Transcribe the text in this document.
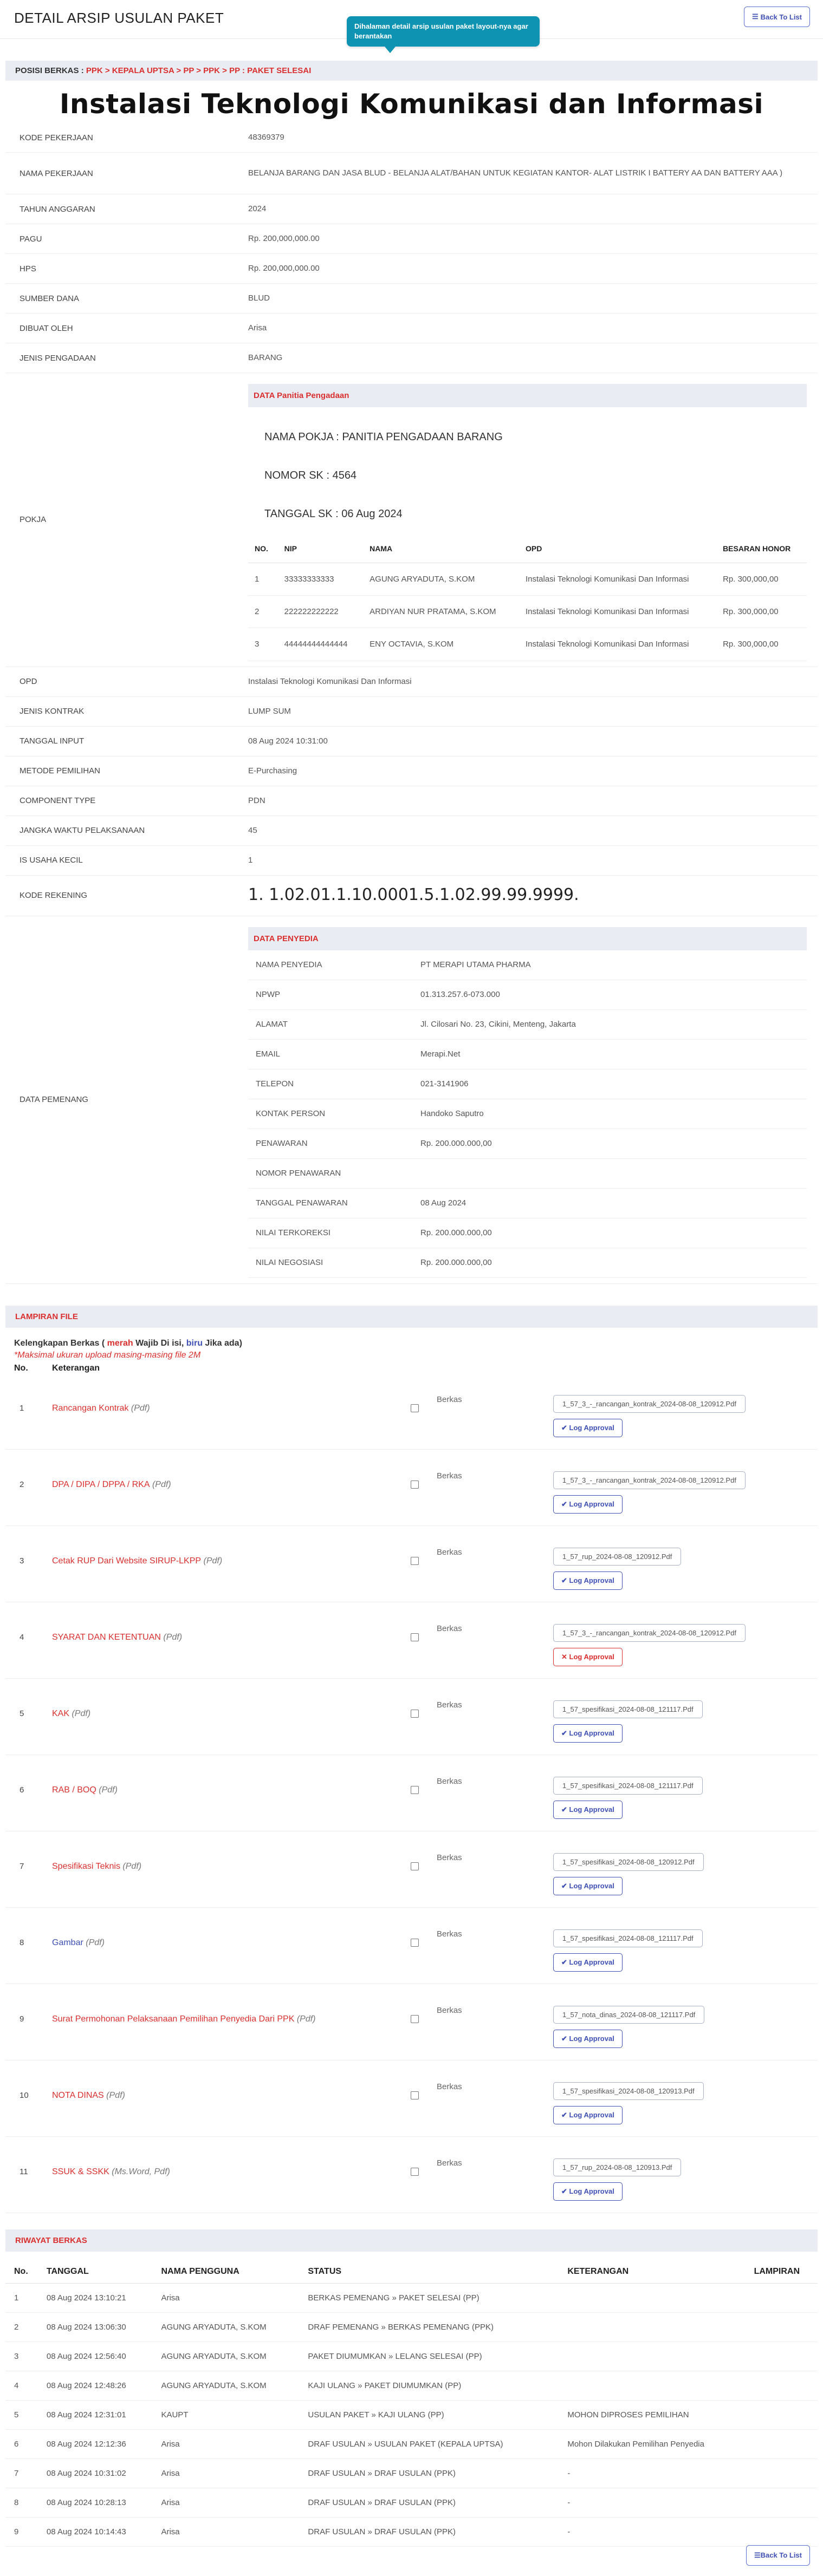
DETAIL ARSIP USULAN PAKET
Dihalaman detail arsip usulan paket layout-nya agar berantakan
☰ Back To List
POSISI BERKAS : PPK > KEPALA UPTSA > PP > PPK > PP : PAKET SELESAI
Instalasi Teknologi Komunikasi dan Informasi
KODE PEKERJAAN	48369379
NAMA PEKERJAAN	BELANJA BARANG DAN JASA BLUD - BELANJA ALAT/BAHAN UNTUK KEGIATAN KANTOR- ALAT LISTRIK I BATTERY AA DAN BATTERY AAA )
TAHUN ANGGARAN	2024
PAGU	Rp. 200,000,000.00
HPS	Rp. 200,000,000.00
SUMBER DANA	BLUD
DIBUAT OLEH	Arisa
JENIS PENGADAAN	BARANG
POKJA
DATA Panitia Pengadaan
NAMA POKJA : PANITIA PENGADAAN BARANG
NOMOR SK : 4564
TANGGAL SK : 06 Aug 2024
NO.	NIP	NAMA	OPD	BESARAN HONOR
1	33333333333	AGUNG ARYADUTA, S.KOM	Instalasi Teknologi Komunikasi Dan Informasi	Rp. 300,000,00
2	222222222222	ARDIYAN NUR PRATAMA, S.KOM	Instalasi Teknologi Komunikasi Dan Informasi	Rp. 300,000,00
3	44444444444444	ENY OCTAVIA, S.KOM	Instalasi Teknologi Komunikasi Dan Informasi	Rp. 300,000,00
OPD	Instalasi Teknologi Komunikasi Dan Informasi
JENIS KONTRAK	LUMP SUM
TANGGAL INPUT	08 Aug 2024 10:31:00
METODE PEMILIHAN	E-Purchasing
COMPONENT TYPE	PDN
JANGKA WAKTU PELAKSANAAN	45
IS USAHA KECIL	1
KODE REKENING	1. 1.02.01.1.10.0001.5.1.02.99.99.9999.
DATA PEMENANG
DATA PENYEDIA
NAMA PENYEDIA	PT MERAPI UTAMA PHARMA
NPWP	01.313.257.6-073.000
ALAMAT	Jl. Cilosari No. 23, Cikini, Menteng, Jakarta
EMAIL	Merapi.Net
TELEPON	021-3141906
KONTAK PERSON	Handoko Saputro
PENAWARAN	Rp. 200.000.000,00
NOMOR PENAWARAN
TANGGAL PENAWARAN	08 Aug 2024
NILAI TERKOREKSI	Rp. 200.000.000,00
NILAI NEGOSIASI	Rp. 200.000.000,00
LAMPIRAN FILE
Kelengkapan Berkas ( merah Wajib Di isi, biru Jika ada)
*Maksimal ukuran upload masing-masing file 2M
No.	Keterangan
1	Rancangan Kontrak (Pdf)
Berkas	1_57_3_-_rancangan_kontrak_2024-08-08_120912.Pdf
✔ Log Approval
2	DPA / DIPA / DPPA / RKA (Pdf)
Berkas	1_57_3_-_rancangan_kontrak_2024-08-08_120912.Pdf
✔ Log Approval
3	Cetak RUP Dari Website SIRUP-LKPP (Pdf)
Berkas	1_57_rup_2024-08-08_120912.Pdf
✔ Log Approval
4	SYARAT DAN KETENTUAN (Pdf)
Berkas	1_57_3_-_rancangan_kontrak_2024-08-08_120912.Pdf
✕ Log Approval
5	KAK (Pdf)
Berkas	1_57_spesifikasi_2024-08-08_121117.Pdf
✔ Log Approval
6	RAB / BOQ (Pdf)
Berkas	1_57_spesifikasi_2024-08-08_121117.Pdf
✔ Log Approval
7	Spesifikasi Teknis (Pdf)
Berkas	1_57_spesifikasi_2024-08-08_120912.Pdf
✔ Log Approval
8	Gambar (Pdf)
Berkas	1_57_spesifikasi_2024-08-08_121117.Pdf
✔ Log Approval
9	Surat Permohonan Pelaksanaan Pemilihan Penyedia Dari PPK (Pdf)
Berkas	1_57_nota_dinas_2024-08-08_121117.Pdf
✔ Log Approval
10	NOTA DINAS (Pdf)
Berkas	1_57_spesifikasi_2024-08-08_120913.Pdf
✔ Log Approval
11	SSUK & SSKK (Ms.Word, Pdf)
Berkas	1_57_rup_2024-08-08_120913.Pdf
✔ Log Approval
RIWAYAT BERKAS
No.	TANGGAL	NAMA PENGGUNA	STATUS	KETERANGAN	LAMPIRAN
1	08 Aug 2024 13:10:21	Arisa	BERKAS PEMENANG » PAKET SELESAI (PP)		
2	08 Aug 2024 13:06:30	AGUNG ARYADUTA, S.KOM	DRAF PEMENANG » BERKAS PEMENANG (PPK)		
3	08 Aug 2024 12:56:40	AGUNG ARYADUTA, S.KOM	PAKET DIUMUMKAN » LELANG SELESAI (PP)		
4	08 Aug 2024 12:48:26	AGUNG ARYADUTA, S.KOM	KAJI ULANG » PAKET DIUMUMKAN (PP)		
5	08 Aug 2024 12:31:01	KAUPT	USULAN PAKET » KAJI ULANG (PP)	MOHON DIPROSES PEMILIHAN	
6	08 Aug 2024 12:12:36	Arisa	DRAF USULAN » USULAN PAKET (KEPALA UPTSA)	Mohon Dilakukan Pemilihan Penyedia	
7	08 Aug 2024 10:31:02	Arisa	DRAF USULAN » DRAF USULAN (PPK)	-	
8	08 Aug 2024 10:28:13	Arisa	DRAF USULAN » DRAF USULAN (PPK)	-	
9	08 Aug 2024 10:14:43	Arisa	DRAF USULAN » DRAF USULAN (PPK)	-	
☰Back To List
